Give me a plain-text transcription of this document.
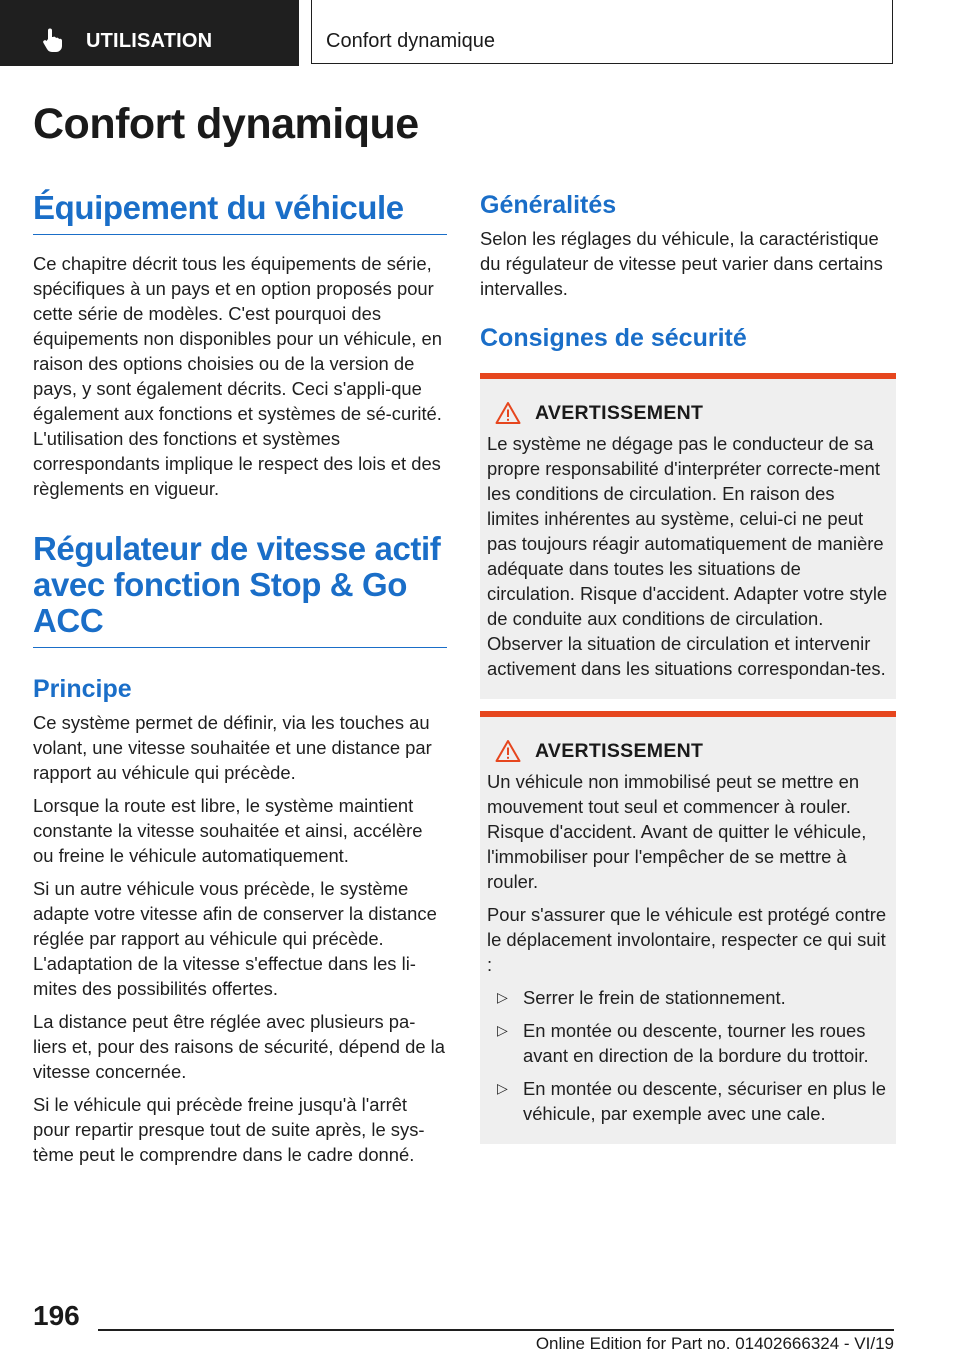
UTILISATION	Confort dynamique
Confort dynamique
Équipement du véhicule

Ce chapitre décrit tous les équipements de série, spécifiques à un pays et en option proposés pour cette série de modèles. C'est pourquoi des équipements non disponibles pour un véhicule, en raison des options choisies ou de la version de pays, y sont également décrits. Ceci s'appli‐que également aux fonctions et systèmes de sé‐curité. L'utilisation des fonctions et systèmes correspondants implique le respect des lois et des règlements en vigueur.

Régulateur de vitesse actif avec fonction Stop & Go ACC
Principe

Ce système permet de définir, via les touches au volant, une vitesse souhaitée et une distance par rapport au véhicule qui précède.

Lorsque la route est libre, le système maintient constante la vitesse souhaitée et ainsi, accélère ou freine le véhicule automatiquement.

Si un autre véhicule vous précède, le système adapte votre vitesse afin de conserver la distance réglée par rapport au véhicule qui précède. L'adaptation de la vitesse s'effectue dans les li‐mites des possibilités offertes.

La distance peut être réglée avec plusieurs pa‐liers et, pour des raisons de sécurité, dépend de la vitesse concernée.

Si le véhicule qui précède freine jusqu'à l'arrêt pour repartir presque tout de suite après, le sys‐tème peut le comprendre dans le cadre donné.

Généralités

Selon les réglages du véhicule, la caractéristique du régulateur de vitesse peut varier dans certains intervalles.

Consignes de sécurité
AVERTISSEMENT

Le système ne dégage pas le conducteur de sa propre responsabilité d'interpréter correcte‐ment les conditions de circulation. En raison des limites inhérentes au système, celui-ci ne peut pas toujours réagir automatiquement de manière adéquate dans toutes les situations de circulation. Risque d'accident. Adapter votre style de conduite aux conditions de circulation. Observer la situation de circulation et intervenir activement dans les situations correspondan‐tes.

AVERTISSEMENT

Un véhicule non immobilisé peut se mettre en mouvement tout seul et commencer à rouler. Risque d'accident. Avant de quitter le véhicule, l'immobiliser pour l'empêcher de se mettre à rouler.

Pour s'assurer que le véhicule est protégé contre le déplacement involontaire, respecter ce qui suit :

▷ Serrer le frein de stationnement.
▷ En montée ou descente, tourner les roues avant en direction de la bordure du trottoir.
▷ En montée ou descente, sécuriser en plus le véhicule, par exemple avec une cale.
196
Online Edition for Part no. 01402666324 - VI/19
